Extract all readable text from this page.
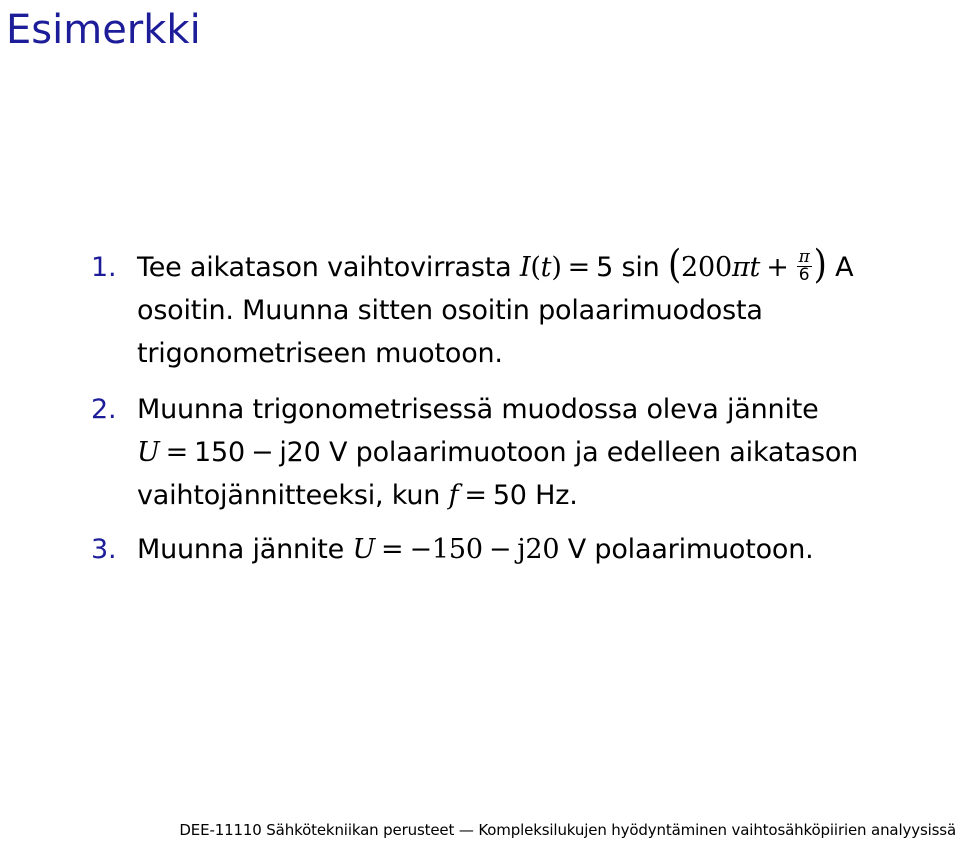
Esimerkki
1. Tee aikatason vaihtovirrasta I(t) = 5 $\sin (200\pi t + \frac{\pi}{6}$ ) A
osoitin. Muunna sitten osoitin polaarimuodosta
trigonometriseen muotoon.
2. Muunna trigonometrisessä muodossa oleva jännite
U = 150 − j20 V polaarimuotoon ja edelleen aikatason
vaihtojännitteeksi, kun f = 50 Hz.
3. Muunna jännite U = −150 − j20 V polaarimuotoon.
DEE-11110 Sähkötekniikan perusteet — Kompleksilukujen hyödyntäminen vaihtosähköpiirien analyysissä
